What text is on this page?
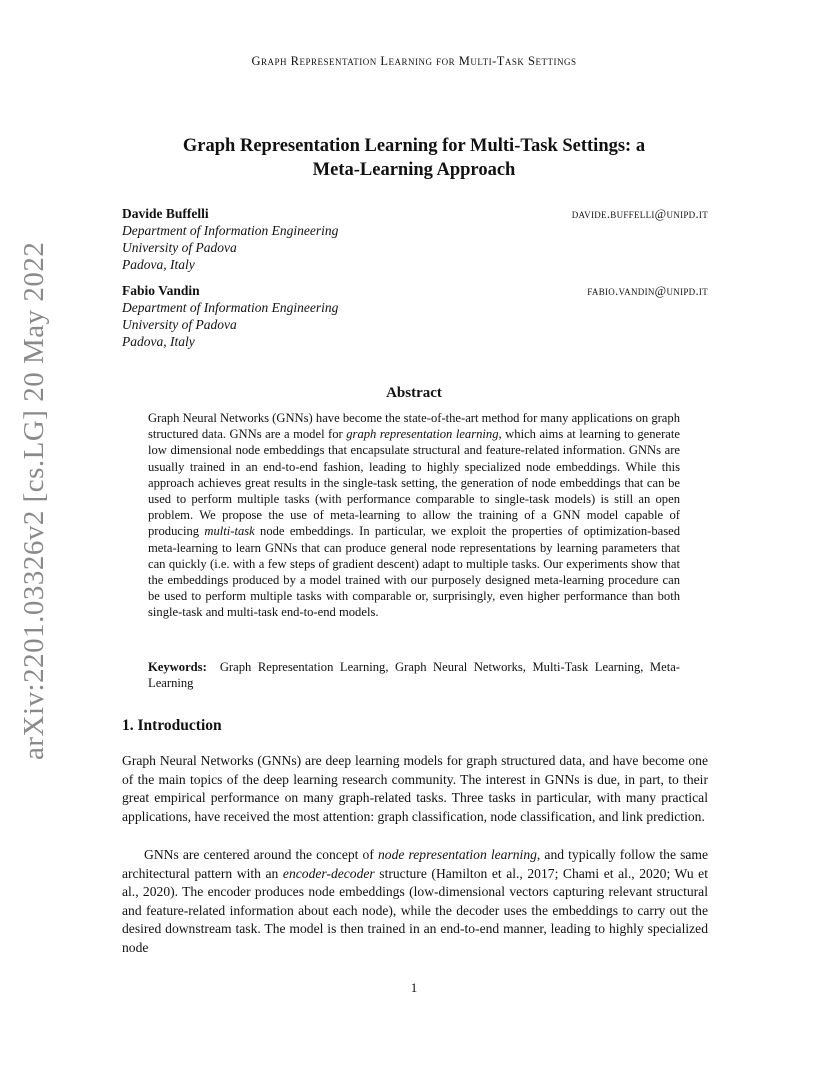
Graph Representation Learning for Multi-Task Settings
Graph Representation Learning for Multi-Task Settings: a
Meta-Learning Approach
Davide Buffelli	davide.buffelli@unipd.it
Department of Information Engineering
University of Padova
Padova, Italy
Fabio Vandin	fabio.vandin@unipd.it
Department of Information Engineering
University of Padova
Padova, Italy
Abstract
Graph Neural Networks (GNNs) have become the state-of-the-art method for many applications on graph structured data. GNNs are a model for graph representation learning, which aims at learning to generate low dimensional node embeddings that encapsulate structural and feature-related information. GNNs are usually trained in an end-to-end fashion, leading to highly specialized node embeddings. While this approach achieves great results in the single-task setting, the generation of node embeddings that can be used to perform multiple tasks (with performance comparable to single-task models) is still an open problem. We propose the use of meta-learning to allow the training of a GNN model capable of producing multi-task node embeddings. In particular, we exploit the properties of optimization-based meta-learning to learn GNNs that can produce general node representations by learning parameters that can quickly (i.e. with a few steps of gradient descent) adapt to multiple tasks. Our experiments show that the embeddings produced by a model trained with our purposely designed meta-learning procedure can be used to perform multiple tasks with comparable or, surprisingly, even higher performance than both single-task and multi-task end-to-end models.
Keywords: Graph Representation Learning, Graph Neural Networks, Multi-Task Learning, Meta-Learning
1. Introduction
Graph Neural Networks (GNNs) are deep learning models for graph structured data, and have become one of the main topics of the deep learning research community. The interest in GNNs is due, in part, to their great empirical performance on many graph-related tasks. Three tasks in particular, with many practical applications, have received the most attention: graph classification, node classification, and link prediction.
GNNs are centered around the concept of node representation learning, and typically follow the same architectural pattern with an encoder-decoder structure (Hamilton et al., 2017; Chami et al., 2020; Wu et al., 2020). The encoder produces node embeddings (low-dimensional vectors capturing relevant structural and feature-related information about each node), while the decoder uses the embeddings to carry out the desired downstream task. The model is then trained in an end-to-end manner, leading to highly specialized node
1
arXiv:2201.03326v2 [cs.LG] 20 May 2022
